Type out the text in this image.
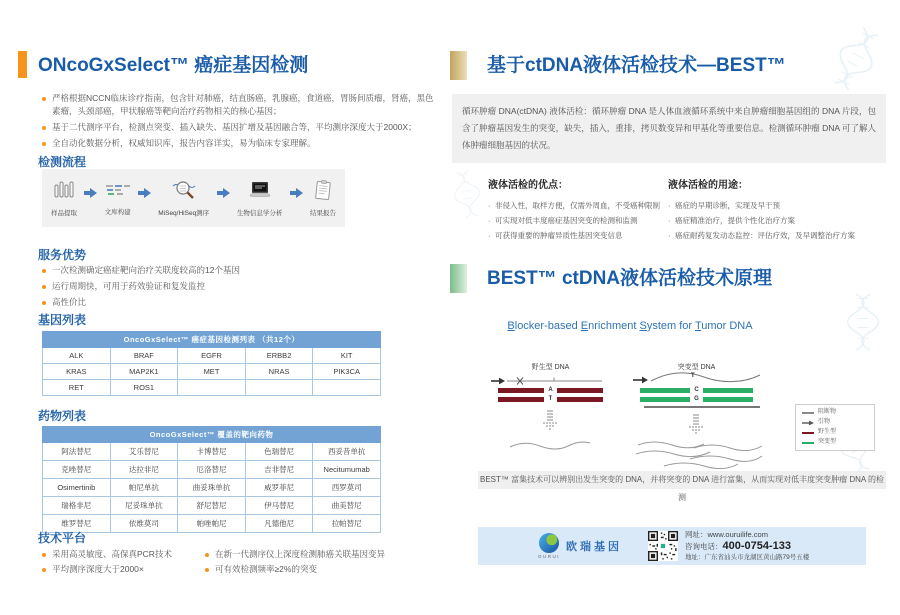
ONcoGxSelect™ 癌症基因检测
严格根据NCCN临床诊疗指南，包含针对肺癌，结直肠癌，乳腺癌，食道癌，胃肠间质瘤，肾癌，黑色素瘤，头颈部癌，甲状腺癌等靶向治疗药物相关的核心基因；
基于二代测序平台，检测点突变、插入缺失、基因扩增及基因融合等，平均测序深度大于2000X；
全自动化数据分析，权威知识库，报告内容详实，易为临床专家理解。
检测流程
样品提取	文库构建	MiSeq/HiSeq测序	生物信息学分析	结果报告
服务优势
一次检测确定癌症靶向治疗关联度较高的12个基因
运行周期快，可用于药效验证和复发监控
高性价比
基因列表
OncoGxSelect™ 癌症基因检测列表 （共12个）				
ALK	BRAF	EGFR	ERBB2	KIT
KRAS	MAP2K1	MET	NRAS	PIK3CA
RET	ROS1			
药物列表
OncoGxSelect™ 覆盖的靶向药物				
阿法替尼	艾乐替尼	卡博替尼	色瑞替尼	西妥昔单抗
克唑替尼	达拉非尼	厄洛替尼	吉非替尼	Necitumumab
Osimertinib	帕尼单抗	曲妥珠单抗	威罗菲尼	西罗莫司
瑞格非尼	尼妥珠单抗	舒尼替尼	伊马替尼	曲美替尼
维罗替尼	依维莫司	帕唑帕尼	凡德他尼	拉帕替尼
技术平台
采用高灵敏度、高保真PCR技术
平均测序深度大于2000×
在新一代测序仪上深度检测肺癌关联基因变异
可有效检测频率≥2%的突变
基于ctDNA液体活检技术—BEST™

循环肿瘤 DNA(ctDNA) 液体活检：循环肿瘤 DNA 是人体血液循环系统中来自肿瘤细胞基因组的 DNA 片段，包含了肿瘤基因发生的突变，缺失，插入，重排，拷贝数变异和甲基化等重要信息。检测循环肿瘤 DNA 可了解人体肿瘤细胞基因的状况。

液体活检的优点：
· 非侵入性，取样方便，仅需外周血，不受癌种限制
· 可实现对低丰度癌症基因突变的检测和监测
· 可获得重要的肿瘤异质性基因突变信息
液体活检的用途：
· 癌症的早期诊断，实现及早干预
· 癌症精准治疗，提供个性化治疗方案
· 癌症耐药复发动态监控：评估疗效，及早调整治疗方案
BEST™ ctDNA液体活检技术原理

Blocker-based Enrichment System for Tumor DNA

野生型 DNA
A
T
突变型 DNA
T
C
G
阻断物
引物
野生型
突变型

BEST™ 富集技术可以辨别出发生突变的 DNA，并将突变的 DNA 进行富集，从而实现对低丰度突变肿瘤 DNA 的检测

OURUI
欧瑞基因
网址：www.ouruilife.com
咨询电话：400-0754-133
地址：广东省汕头市龙湖区黄山路79号五楼
